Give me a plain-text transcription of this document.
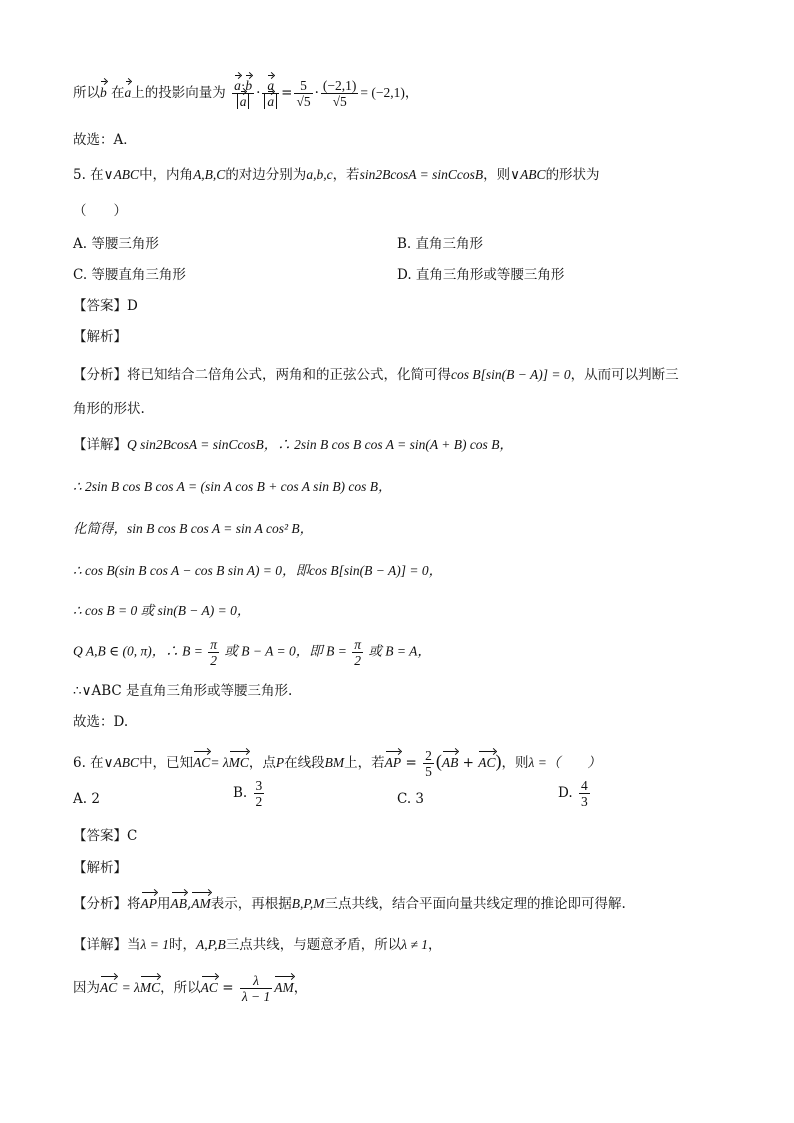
所以b 在a上的投影向量为 $\frac{a\cdot b}{a} \cdot \frac{a}{a} = \frac{5}{√5} \cdot \frac{(-2,1)}{√5} = (-2,1)$，
故选：A．
5. 在∨ABC中，内角A,B,C的对边分别为a,b,c，若sin2BcosA = sinCcosB，则∨ABC的形状为
（　　）
A. 等腰三角形	B. 直角三角形
C. 等腰直角三角形	D. 直角三角形或等腰三角形
【答案】D
【解析】
【分析】将已知结合二倍角公式，两角和的正弦公式，化简可得cos B[sin(B − A)] = 0，从而可以判断三
角形的形状.
【详解】Q sin2BcosA = sinCcosB，∴ 2sin B cos B cos A = sin(A + B) cos B，
∴ 2sin B cos B cos A = (sin A cos B + cos A sin B) cos B，
化简得，sin B cos B cos A = sin A cos² B，
∴ cos B(sin B cos A − cos B sin A) = 0，即cos B[sin(B − A)] = 0，
∴ cos B = 0 或 sin(B − A) = 0，
Q A,B ∈ (0, π)，∴ $B = \frac{\pi}{2}$ 或 B − A = 0，即 $B = \frac{\pi}{2}$ 或 B = A，
∴∨ABC 是直角三角形或等腰三角形.
故选：D.
6. 在∨ABC中，已知AC= λMC，点P在线段BM上，若AP = $\frac{2}{5} (AB + AC)$，则λ =（　　）
A. 2	B. $\frac{3}{2}$	C. 3	D. $\frac{4}{3}$
【答案】C
【解析】
【分析】将AP用AB,AM表示，再根据B,P,M三点共线，结合平面向量共线定理的推论即可得解.
【详解】当λ = 1时，A,P,B三点共线，与题意矛盾，所以λ ≠ 1，
因为AC = λMC，所以AC = $\frac{\lambda}{\lambda - 1}$ AM，
